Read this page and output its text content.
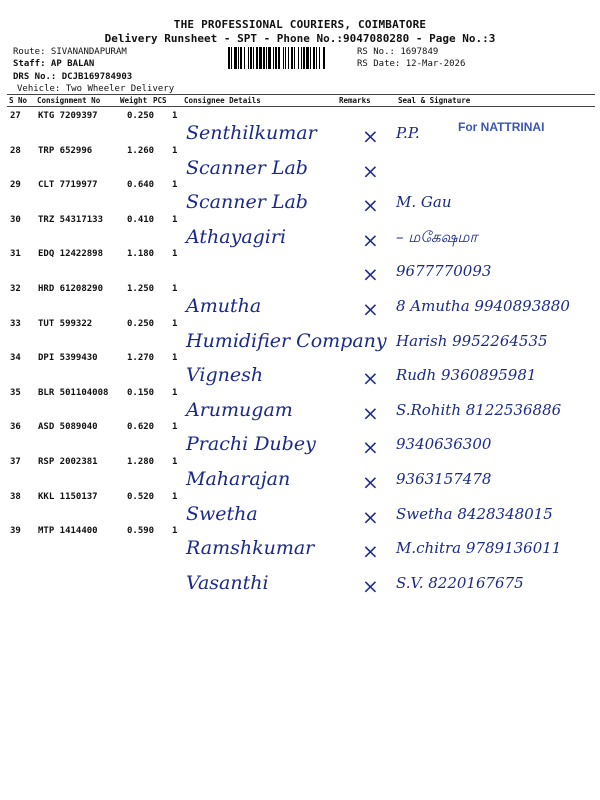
THE PROFESSIONAL COURIERS, COIMBATORE
Delivery Runsheet - SPT - Phone No.:9047080280 - Page No.:3
Route: SIVANANDAPURAM
Staff: AP BALAN
DRS No.: DCJB169784903
Vehicle: Two Wheeler Delivery
RS No.: 1697849
RS Date: 12-Mar-2026
S No Consignment No	Weight PCS Consignee Details	Remarks	Seal & Signature
For NATTRINAI
27 KTG 7209397	0.250 1
Senthilkumar × P.P.
28 TRP 652996	1.260 1
Scanner Lab	×
29 CLT 7719977	0.640 1
Scanner Lab	× M. Gau
30 TRZ 54317133	0.410 1
Athayagiri	× – மகேஷமா
31 EDQ 12422898	1.180 1
× 9677770093
32 HRD 61208290	1.250 1
Amutha	× 8 Amutha 9940893880
33 TUT 599322	0.250 1
Humidifier Company Harish 9952264535
34 DPI 5399430	1.270 1
Vignesh	× Rudh 9360895981
35 BLR 501104008 0.150 1
Arumugam	× S.Rohith 8122536886
36 ASD 5089040	0.620 1
Prachi Dubey × 9340636300
37 RSP 2002381	1.280 1
Maharajan	× 9363157478
38 KKL 1150137	0.520 1
Swetha	× Swetha 8428348015
39 MTP 1414400	0.590 1
Ramshkumar × M.chitra 9789136011
Vasanthi	× S.V. 8220167675
